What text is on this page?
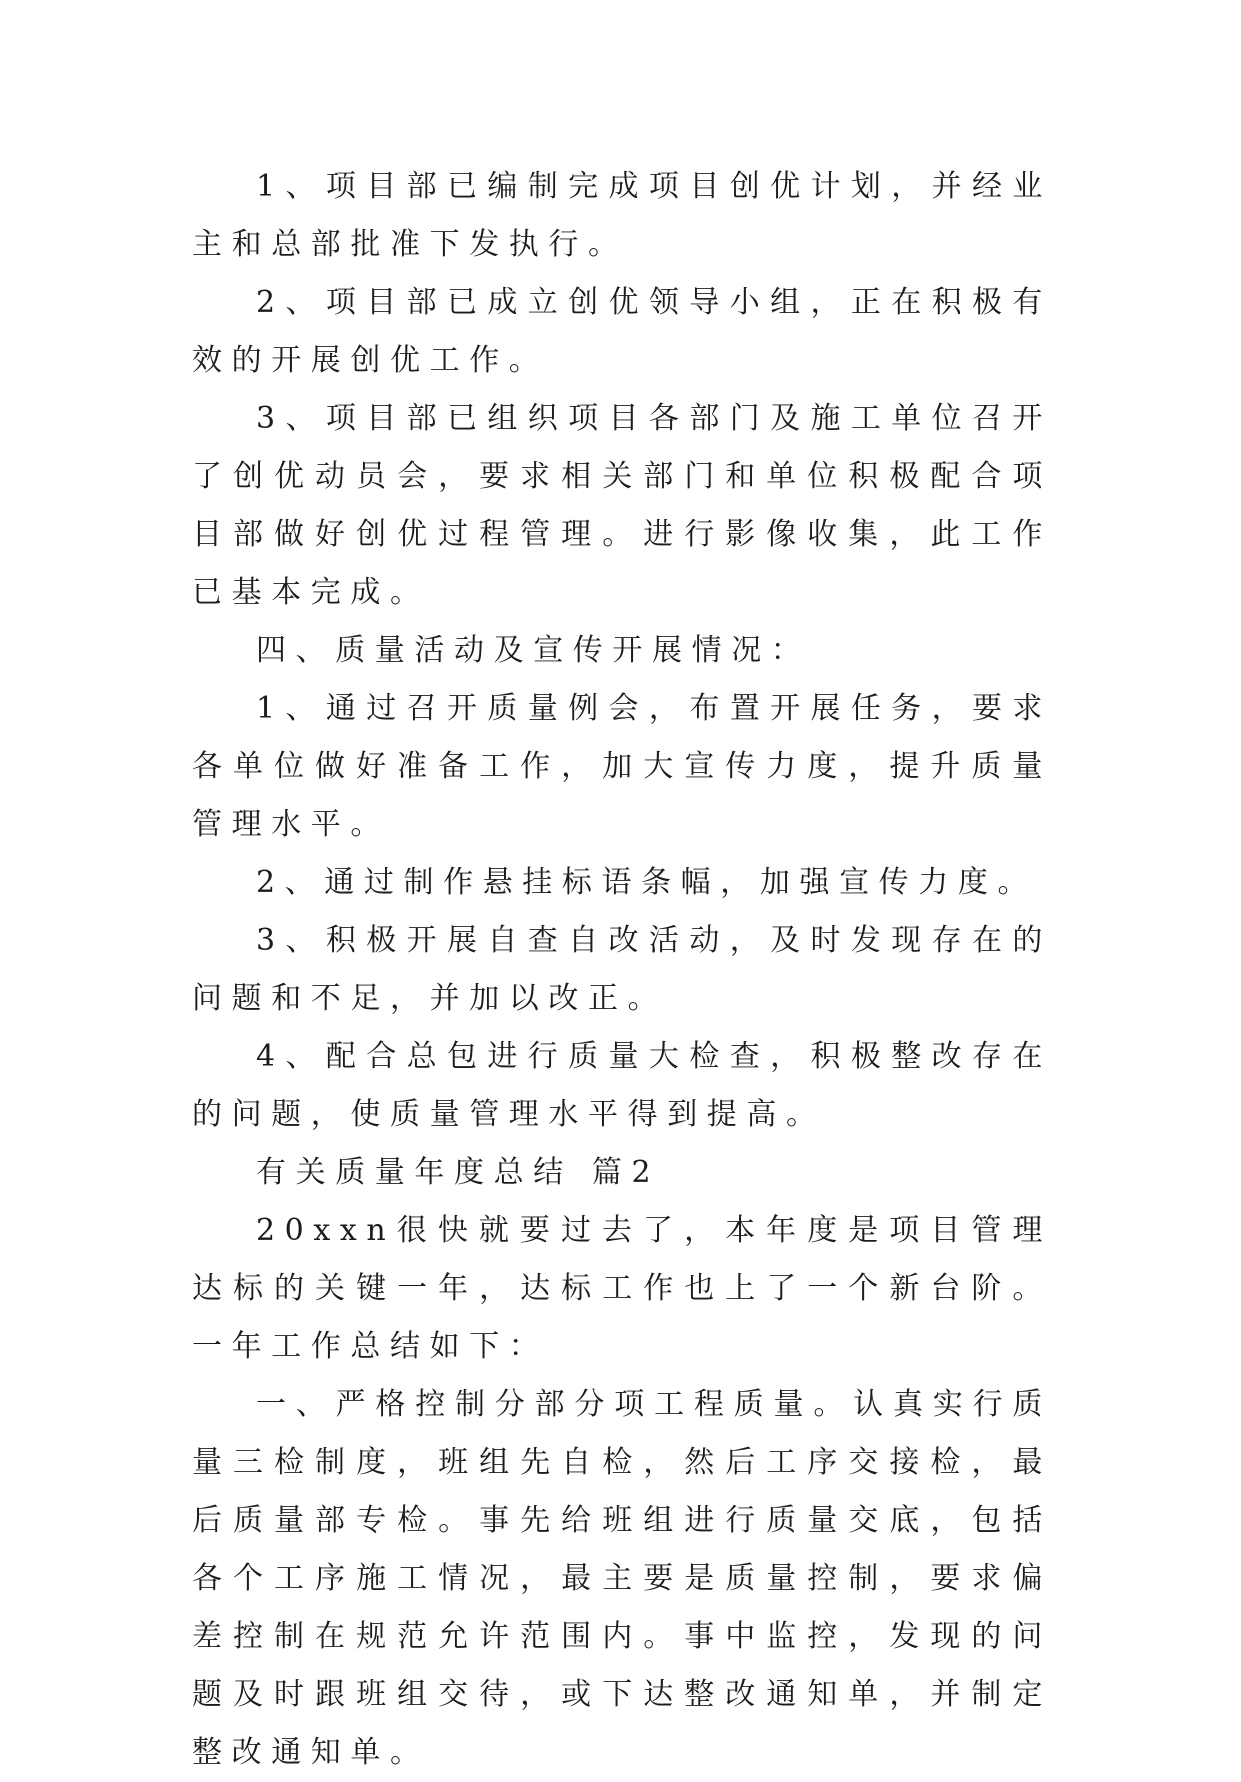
1、项目部已编制完成项目创优计划，并经业主和总部批准下发执行。

2、项目部已成立创优领导小组，正在积极有效的开展创优工作。

3、项目部已组织项目各部门及施工单位召开了创优动员会，要求相关部门和单位积极配合项目部做好创优过程管理。进行影像收集，此工作已基本完成。

四、质量活动及宣传开展情况：

1、通过召开质量例会，布置开展任务，要求各单位做好准备工作，加大宣传力度，提升质量管理水平。

2、通过制作悬挂标语条幅，加强宣传力度。

3、积极开展自查自改活动，及时发现存在的问题和不足，并加以改正。

4、配合总包进行质量大检查，积极整改存在的问题，使质量管理水平得到提高。

有关质量年度总结 篇2

20xxn很快就要过去了，本年度是项目管理达标的关键一年，达标工作也上了一个新台阶。一年工作总结如下：

一、严格控制分部分项工程质量。认真实行质量三检制度，班组先自检，然后工序交接检，最后质量部专检。事先给班组进行质量交底，包括各个工序施工情况，最主要是质量控制，要求偏差控制在规范允许范围内。事中监控，发现的问题及时跟班组交待，或下达整改通知单，并制定整改通知单。
